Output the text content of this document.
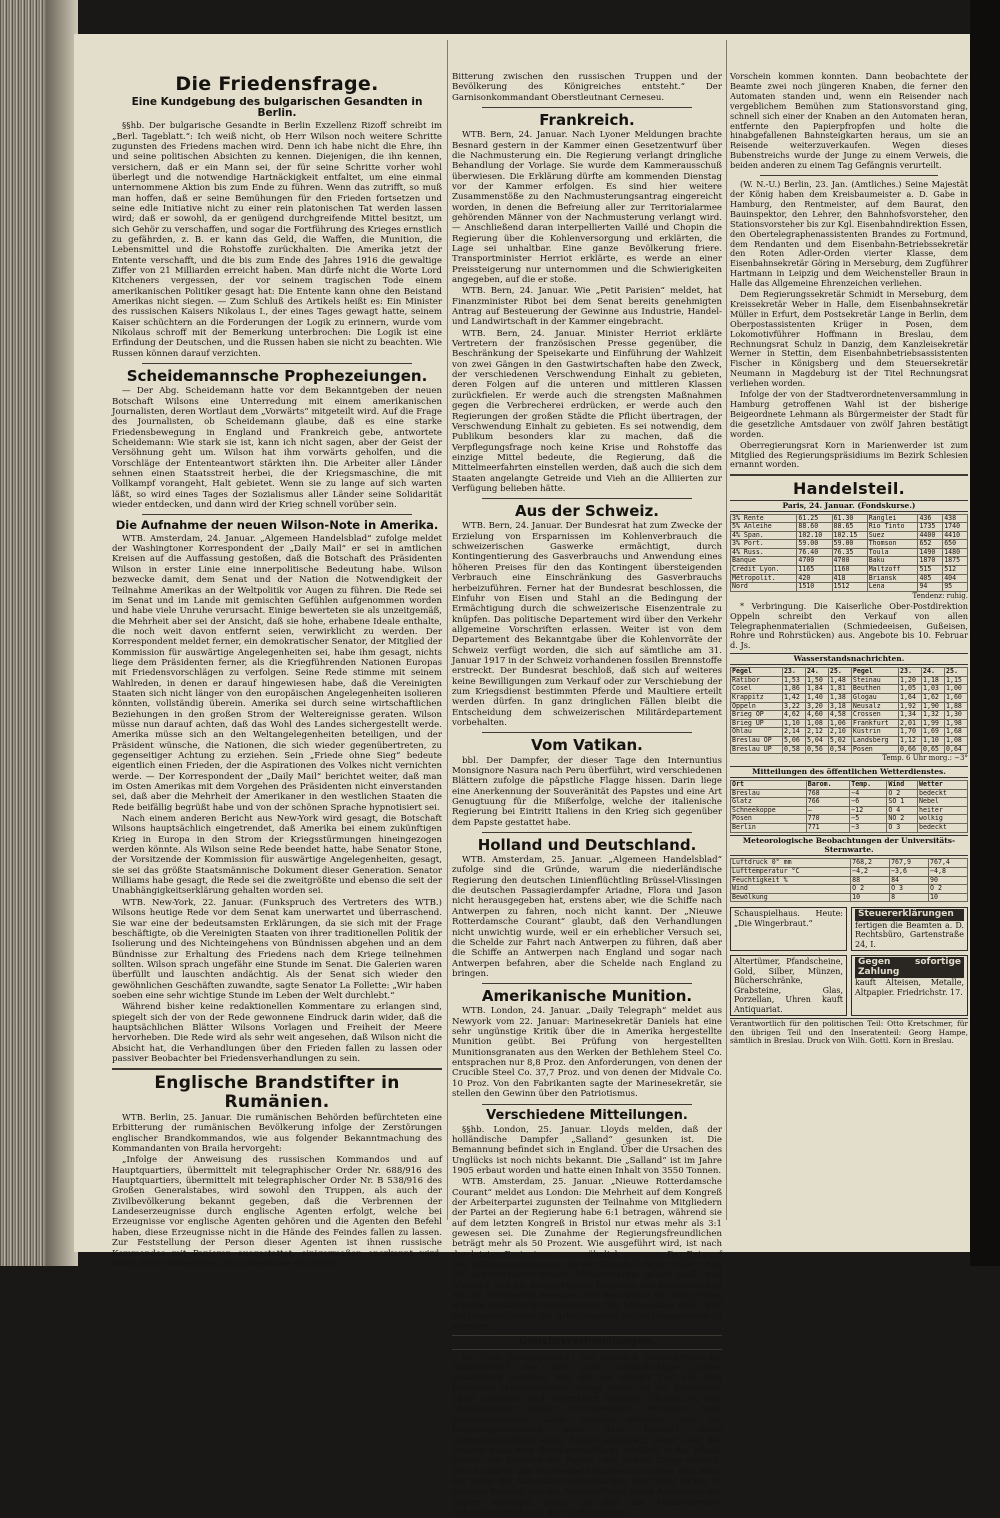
Die Friedensfrage.
Eine Kundgebung des bulgarischen Gesandten in Berlin.

§§hb. Der bulgarische Gesandte in Berlin Exzellenz Rizoff schreibt im „Berl. Tageblatt.“: Ich weiß nicht, ob Herr Wilson noch weitere Schritte zugunsten des Friedens machen wird. Denn ich habe nicht die Ehre, ihn und seine politischen Absichten zu kennen. Diejenigen, die ihn kennen, versichern, daß er ein Mann sei, der für seine Schritte vorher wohl überlegt und die notwendige Hartnäckigkeit entfaltet, um eine einmal unternommene Aktion bis zum Ende zu führen. Wenn das zutrifft, so muß man hoffen, daß er seine Bemühungen für den Frieden fortsetzen und seine edle Initiative nicht zu einer rein platonischen Tat werden lassen wird; daß er sowohl, da er genügend durchgreifende Mittel besitzt, um sich Gehör zu verschaffen, und sogar die Fortführung des Krieges ernstlich zu gefährden, z. B. er kann das Geld, die Waffen, die Munition, die Lebensmittel und die Rohstoffe zurückhalten. Die Amerika jetzt der Entente verschafft, und die bis zum Ende des Jahres 1916 die gewaltige Ziffer von 21 Milliarden erreicht haben. Man dürfe nicht die Worte Lord Kitcheners vergessen, der vor seinem tragischen Tode einem amerikanischen Politiker gesagt hat: Die Entente kann ohne den Beistand Amerikas nicht siegen. — Zum Schluß des Artikels heißt es: Ein Minister des russischen Kaisers Nikolaus I., der eines Tages gewagt hatte, seinem Kaiser schüchtern an die Forderungen der Logik zu erinnern, wurde vom Nikolaus schroff mit der Bemerkung unterbrochen: Die Logik ist eine Erfindung der Deutschen, und die Russen haben sie nicht zu beachten. Wie Russen können darauf verzichten.

Scheidemannsche Prophezeiungen.

— Der Abg. Scheidemann hatte vor dem Bekanntgeben der neuen Botschaft Wilsons eine Unterredung mit einem amerikanischen Journalisten, deren Wortlaut dem „Vorwärts“ mitgeteilt wird. Auf die Frage des Journalisten, ob Scheidemann glaube, daß es eine starke Friedensbewegung in England und Frankreich gebe, antwortete Scheidemann: Wie stark sie ist, kann ich nicht sagen, aber der Geist der Versöhnung geht um. Wilson hat ihm vorwärts geholfen, und die Vorschläge der Ententeantwort stärkten ihn. Die Arbeiter aller Länder sehnen einen Staatsstreit herbei, die der Kriegsmaschine, die mit Vollkampf vorangeht, Halt gebietet. Wenn sie zu lange auf sich warten läßt, so wird eines Tages der Sozialismus aller Länder seine Solidarität wieder entdecken, und dann wird der Krieg schnell vorüber sein.

Die Aufnahme der neuen Wilson-Note in Amerika.

WTB. Amsterdam, 24. Januar. „Algemeen Handelsblad“ zufolge meldet der Washingtoner Korrespondent der „Daily Mail“ er sei in amtlichen Kreisen auf die Auffassung gestoßen, daß die Botschaft des Präsidenten Wilson in erster Linie eine innerpolitische Bedeutung habe. Wilson bezwecke damit, dem Senat und der Nation die Notwendigkeit der Teilnahme Amerikas an der Weltpolitik vor Augen zu führen. Die Rede sei im Senat und im Lande mit gemischten Gefühlen aufgenommen worden und habe viele Unruhe verursacht. Einige bewerteten sie als unzeitgemäß, die Mehrheit aber sei der Ansicht, daß sie hohe, erhabene Ideale enthalte, die noch weit davon entfernt seien, verwirklicht zu werden. Der Korrespondent meldet ferner, ein demokratischer Senator, der Mitglied der Kommission für auswärtige Angelegenheiten sei, habe ihm gesagt, nichts liege dem Präsidenten ferner, als die Kriegführenden Nationen Europas mit Friedensvorschlägen zu verfolgen. Seine Rede stimme mit seinem Wahlreden, in denen er darauf hingewiesen habe, daß die Vereinigten Staaten sich nicht länger von den europäischen Angelegenheiten isolieren könnten, vollständig überein. Amerika sei durch seine wirtschaftlichen Beziehungen in den großen Strom der Weltereignisse geraten. Wilson müsse nun darauf achten, daß das Wohl des Landes sichergestellt werde. Amerika müsse sich an den Weltangelegenheiten beteiligen, und der Präsident wünsche, die Nationen, die sich wieder gegenübertreten, zu gegenseitiger Achtung zu erziehen. Sein „Friede ohne Sieg“ bedeute eigentlich einen Frieden, der die Aspirationen des Volkes nicht vernichten werde. — Der Korrespondent der „Daily Mail“ berichtet weiter, daß man im Osten Amerikas mit dem Vorgehen des Präsidenten nicht einverstanden sei, daß aber die Mehrheit der Amerikaner in den westlichen Staaten die Rede beifällig begrüßt habe und von der schönen Sprache hypnotisiert sei.

Nach einem anderen Bericht aus New-York wird gesagt, die Botschaft Wilsons hauptsächlich eingetrendet, daß Amerika bei einem zukünftigen Krieg in Europa in den Strom der Kriegsstürmungen hineingezogen werden könnte. Als Wilson seine Rede beendet hatte, habe Senator Stone, der Vorsitzende der Kommission für auswärtige Angelegenheiten, gesagt, sie sei das größte Staatsmännische Dokument dieser Generation. Senator Williams habe gesagt, die Rede sei die zweitgrößte und ebenso die seit der Unabhängigkeitserklärung gehalten worden sei.

WTB. New-York, 22. Januar. (Funkspruch des Vertreters des WTB.) Wilsons heutige Rede vor dem Senat kam unerwartet und überraschend. Sie war eine der bedeutsamsten Erklärungen, da sie sich mit der Frage beschäftigte, ob die Vereinigten Staaten von ihrer traditionellen Politik der Isolierung und des Nichteingehens von Bündnissen abgehen und an dem Bündnisse zur Erhaltung des Friedens nach dem Kriege teilnehmen sollten. Wilson sprach ungefähr eine Stunde im Senat. Die Galerien waren überfüllt und lauschten andächtig. Als der Senat sich wieder den gewöhnlichen Geschäften zuwandte, sagte Senator La Follette: „Wir haben soeben eine sehr wichtige Stunde im Leben der Welt durchlebt.“

Während bisher keine redaktionellen Kommentare zu erlangen sind, spiegelt sich der von der Rede gewonnene Eindruck darin wider, daß die hauptsächlichen Blätter Wilsons Vorlagen und Freiheit der Meere hervorheben. Die Rede wird als sehr weit angesehen, daß Wilson nicht die Absicht hat, die Verhandlungen über den Frieden fallen zu lassen oder passiver Beobachter bei Friedensverhandlungen zu sein.

Englische Brandstifter in Rumänien.

WTB. Berlin, 25. Januar. Die rumänischen Behörden befürchteten eine Erbitterung der rumänischen Bevölkerung infolge der Zerstörungen englischer Brandkommandos, wie aus folgender Bekanntmachung des Kommandanten von Braila hervorgeht:

„Infolge der Anweisung des russischen Kommandos und auf Hauptquartiers, übermittelt mit telegraphischer Order Nr. 688/916 des Hauptquartiers, übermittelt mit telegraphischer Order Nr. B 538/916 des Großen Generalstabes, wird sowohl den Truppen, als auch der Zivilbevölkerung bekannt gegeben, daß die Verbrennen der Landeserzeugnisse durch englische Agenten erfolgt, welche bei Erzeugnisse vor englische Agenten gehören und die Agenten den Befehl haben, diese Erzeugnisse nicht in die Hände des Feindes fallen zu lassen. Zur Feststellung der Person dieser Agenten ist ihnen russische Kommandos mit Papieren ausgestattet, einigermaßen anerkannt wird, damit keine unbesetzten Zwischenräume entstehen.“

Bitterung zwischen den russischen Truppen und der Bevölkerung des Königreiches entsteht.“ Der Garnisonkommandant Oberstleutnant Cerneseu.

Frankreich.

WTB. Bern, 24. Januar. Nach Lyoner Meldungen brachte Besnard gestern in der Kammer einen Gesetzentwurf über die Nachmusterung ein. Die Regierung verlangt dringliche Behandlung der Vorlage. Sie wurde dem Kammerausschuß überwiesen. Die Erklärung dürfte am kommenden Dienstag vor der Kammer erfolgen. Es sind hier weitere Zusammenstöße zu den Nachmusterungsantrag eingereicht worden, in denen die Befreiung aller zur Territorialarmee gehörenden Männer von der Nachmusterung verlangt wird. — Anschließend daran interpellierten Vaillé und Chopin die Regierung über die Kohlenversorgung und erklärten, die Lage sei unhaltbar. Eine ganze Bevölkerung friere. Transportminister Herriot erklärte, es werde an einer Preissteigerung nur unternommen und die Schwierigkeiten angegeben, auf die er stoße.

WTB. Bern, 24. Januar. Wie „Petit Parisien“ meldet, hat Finanzminister Ribot bei dem Senat bereits genehmigten Antrag auf Besteuerung der Gewinne aus Industrie, Handel- und Landwirtschaft in der Kammer eingebracht.

WTB. Bern, 24. Januar. Minister Herriot erklärte Vertretern der französischen Presse gegenüber, die Beschränkung der Speisekarte und Einführung der Wahlzeit von zwei Gängen in den Gastwirtschaften habe den Zweck, der verschiedenen Verschwendung Einhalt zu gebieten, deren Folgen auf die unteren und mittleren Klassen zurückfielen. Er werde auch die strengsten Maßnahmen gegen die Verbrecherei erdrücken, er werde auch den Regierungen der großen Städte die Pflicht übertragen, der Verschwendung Einhalt zu gebieten. Es sei notwendig, dem Publikum besonders klar zu machen, daß die Verpflegungsfrage noch keine Krise und Rohstoffe das einzige Mittel bedeute, die Regierung, daß die Mittelmeerfahrten einstellen werden, daß auch die sich dem Staaten angelangte Getreide und Vieh an die Alliierten zur Verfügung belieben hätte.

Aus der Schweiz.

WTB. Bern, 24. Januar. Der Bundesrat hat zum Zwecke der Erzielung von Ersparnissen im Kohlenverbrauch die schweizerischen Gaswerke ermächtigt, durch Kontingentierung des Gasverbrauchs und Anwendung eines höheren Preises für den das Kontingent übersteigenden Verbrauch eine Einschränkung des Gasverbrauchs herbeizuführen. Ferner hat der Bundesrat beschlossen, die Einfuhr von Eisen und Stahl an die Bedingung der Ermächtigung durch die schweizerische Eisenzentrale zu knüpfen. Das politische Departement wird über den Verkehr allgemeine Vorschriften erlassen. Weiter ist von dem Departement des Bekanntgabe über die Kohlenvorräte der Schweiz verfügt worden, die sich auf sämtliche am 31. Januar 1917 in der Schweiz vorhandenen fossilen Brennstoffe erstreckt. Der Bundesrat beschloß, daß sich auf weiteres keine Bewilligungen zum Verkauf oder zur Verschiebung der zum Kriegsdienst bestimmten Pferde und Maultiere erteilt werden dürfen. In ganz dringlichen Fällen bleibt die Entscheidung dem schweizerischen Militärdepartement vorbehalten.

Vom Vatikan.

bbl. Der Dampfer, der dieser Tage den Internuntius Monsignore Nasura nach Peru überführt, wird verschiedenen Blättern zufolge die päpstliche Flagge hissen. Darin liege eine Anerkennung der Souveränität des Papstes und eine Art Genugtuung für die Mißerfolge, welche der italienische Regierung bei Eintritt Italiens in den Krieg sich gegenüber dem Papste gestattet habe.

Holland und Deutschland.

WTB. Amsterdam, 25. Januar. „Algemeen Handelsblad“ zufolge sind die Gründe, warum die niederländische Regierung den deutschen Linienflüchtling Brüssel-Vlissingen die deutschen Passagierdampfer Ariadne, Flora und Jason nicht herausgegeben hat, erstens aber, wie die Schiffe nach Antwerpen zu fahren, noch nicht kannt. Der „Nieuwe Rotterdamsche Courant“ glaubt, daß den Verhandlungen nicht unwichtig wurde, weil er ein erheblicher Versuch sei, die Schelde zur Fahrt nach Antwerpen zu führen, daß aber die Schiffe an Antwerpen nach England und sogar nach Antwerpen befahren, aber die Schelde nach England zu bringen.

Amerikanische Munition.

WTB. London, 24. Januar. „Daily Telegraph“ meldet aus Newyork vom 22. Januar: Marinesekretär Daniels hat eine sehr ungünstige Kritik über die in Amerika hergestellte Munition geübt. Bei Prüfung von hergestellten Munitionsgranaten aus den Werken der Bethlehem Steel Co. entsprachen nur 8,8 Proz. den Anforderungen, von denen der Crucible Steel Co. 37,7 Proz. und von denen der Midvale Co. 10 Proz. Von den Fabrikanten sagte der Marinesekretär, sie stellen den Gewinn über den Patriotismus.

Verschiedene Mitteilungen.

§§hb. London, 25. Januar. Lloyds melden, daß der holländische Dampfer „Salland“ gesunken ist. Die Bemannung befindet sich in England. Über die Ursachen des Unglücks ist noch nichts bekannt. Die „Salland“ ist im Jahre 1905 erbaut worden und hatte einen Inhalt von 3550 Tonnen.

WTB. Amsterdam, 25. Januar. „Nieuwe Rotterdamsche Courant“ meldet aus London: Die Mehrheit auf dem Kongreß der Arbeiterpartei zugunsten der Teilnahme von Mitgliedern der Partei an der Regierung habe 6:1 betragen, während sie auf dem letzten Kongreß in Bristol nur etwas mehr als 3:1 gewesen sei. Die Zunahme der Regierungsfreundlichen beträgt mehr als 50 Prozent. Wie ausgeführt wird, ist nach den letzten Ereignissen ungewöhnlich gewesen. Der Entwurf des Vollzugsausschusses, ob der Kongreß dafür erklärt, daß die Arbeiterpartei keinen Wirkungskreis geben muß, und wünscht, daß die Arbeiterklasse Englands den sozialistischen Sitz im Parlamente besetzen. Die Beschlüsse des Kongresses wurden einstimmig angenommen. Sie bezweckten auch, daß die Organisationen der Arbeiterpartei als die Organisation zu vereinen.

Gerichtsverhandlungen.

et. [Vom Jugendgericht.] Ein reichlich zuzuschreibender Bubenstreich den drei noch schulpflichtige Jungen gewöhnlich arbeiten, und die vor einiger Zeit auf dem Breslauer Hauptbahnhofe erregt hatte, ist im September 1916 entdeckt und aufgeklärt worden. Täglich in den Abendstunden etwas verschiedenen Personen beim Stationsvorsteher Klage darüber erhoben, daß die Bahnsteigautomaten nach dem Einwurf eines Zehnpfennigstücks keine Karten ausgaben. Wenn aber der Beamte dann dem Beschwerdeführer wirklich in die Hände gerate, der Automat nur Papier oder andere Dinge enthielt. Erst nachdem das Taschengeld eingesetzt worden war, hatte der Junge die Automaten aufgebrochen. Der Täter ist ein 15 jähriger Schüler, der die Ausfallöffnung eines Automaten mit Papier verstopft hatte, so daß die hinabfallenden Bahnsteigkarten sich dort verklemmten.

Vorschein kommen konnten. Dann beobachtete der Beamte zwei noch jüngeren Knaben, die ferner den Automaten standen und, wenn ein Reisender nach vergeblichem Bemühen zum Stationsvorstand ging, schnell sich einer der Knaben an den Automaten heran, entfernte den Papierpfropfen und holte die hinabgefallenen Bahnsteigkarten heraus, um sie an Reisende weiterzuverkaufen. Wegen dieses Bubenstreichs wurde der Junge zu einem Verweis, die beiden anderen zu einem Tag Gefängnis verurteilt.

(W. N.-U.) Berlin, 23. Jan. (Amtliches.) Seine Majestät der König haben dem Kreisbaumeister a. D. Gabe in Hamburg, den Rentmeister, auf dem Baurat, den Bauinspektor, den Lehrer, den Bahnhofsvorsteher, den Stationsvorsteher bis zur Kgl. Eisenbahndirektion Essen, den Obertelegraphenassistenten Brandes zu Fortmund, dem Rendanten und dem Eisenbahn-Betriebssekretär den Roten Adler-Orden vierter Klasse, dem Eisenbahnsekretär Göring in Merseburg, dem Zugführer Hartmann in Leipzig und dem Weichensteller Braun in Halle das Allgemeine Ehrenzeichen verliehen.

Dem Regierungssekretär Schmidt in Merseburg, dem Kreissekretär Weber in Halle, dem Eisenbahnsekretär Müller in Erfurt, dem Postsekretär Lange in Berlin, dem Oberpostassistenten Krüger in Posen, dem Lokomotivführer Hoffmann in Breslau, dem Rechnungsrat Schulz in Danzig, dem Kanzleisekretär Werner in Stettin, dem Eisenbahnbetriebsassistenten Fischer in Königsberg und dem Steuersekretär Neumann in Magdeburg ist der Titel Rechnungsrat verliehen worden.

Infolge der von der Stadtverordnetenversammlung in Hamburg getroffenen Wahl ist der bisherige Beigeordnete Lehmann als Bürgermeister der Stadt für die gesetzliche Amtsdauer von zwölf Jahren bestätigt worden.

Oberregierungsrat Korn in Marienwerder ist zum Mitglied des Regierungspräsidiums im Bezirk Schlesien ernannt worden.

Handelsteil.
Paris, 24. Januar. (Fondskurse.)
3% Rente	61.25	61.30	Ranglei	436	438
5% Anleihe	88.60	88.65	Rio Tinto	1735	1740
4% Span.	102.10	102.15	Suez	4400	4410
3% Port.	59.00	59.00	Thomson	652	650
4% Russ.	76.40	76.35	Toula	1490	1480
Banque	4700	4700	Baku	1870	1875
Crédit Lyon.	1165	1160	Maltzoff	515	512
Métropolit.	420	418	Briansk	405	404
Nord	1510	1512	Lena	94	95
Tendenz: ruhig.

* Verbringung. Die Kaiserliche Ober-Postdirektion Oppeln schreibt den Verkauf von allen Telegraphenmaterialien (Schmiedeeisen, Gußeisen, Rohre und Rohrstücken) aus. Angebote bis 10. Februar d. Js.

Wasserstandsnachrichten.
Pegel	23.	24.	25.	Pegel	23.	24.	25.
Ratibor	1,53	1,50	1,48	Steinau	1,20	1,18	1,15
Cosel	1,86	1,84	1,81	Beuthen	1,05	1,03	1,00
Krappitz	1,42	1,40	1,38	Glogau	1,64	1,62	1,60
Oppeln	3,22	3,20	3,18	Neusalz	1,92	1,90	1,88
Brieg OP	4,62	4,60	4,58	Crossen	1,34	1,32	1,30
Brieg UP	1,10	1,08	1,06	Frankfurt	2,01	1,99	1,98
Ohlau	2,14	2,12	2,10	Küstrin	1,70	1,69	1,68
Breslau OP	5,06	5,04	5,02	Landsberg	1,12	1,10	1,08
Breslau UP	0,58	0,56	0,54	Posen	0,66	0,65	0,64
Temp. 6 Uhr morg.: −3°
Mitteilungen des öffentlichen Wetterdienstes.
Ort	Barom.	Temp.	Wind	Wetter
Breslau	768	−4	O 2	bedeckt
Glatz	766	−6	SO 1	Nebel
Schneekoppe	—	−12	O 4	heiter
Posen	770	−5	NO 2	wolkig
Berlin	771	−3	O 3	bedeckt
Meteorologische Beobachtungen der Universitäts-Sternwarte.
Luftdruck 0° mm	768,2	767,9	767,4
Lufttemperatur °C	−4,2	−3,6	−4,8
Feuchtigkeit %	88	84	90
Wind	O 2	O 3	O 2
Bewölkung	10	8	10
Schauspielhaus. Heute: „Die Wingerbraut.“
Steuererklärungen
fertigen die Beamten a. D. Rechtsbüro, Gartenstraße 24, I.
Altertümer, Pfandscheine, Gold, Silber, Münzen, Bücherschränke, Grabsteine, Glas, Porzellan, Uhren kauft Antiquariat.
Gegen sofortige Zahlung
kauft Alteisen, Metalle, Altpapier. Friedrichstr. 17.

Verantwortlich für den politischen Teil: Otto Kretschmer, für den übrigen Teil und den Inseratenteil: Georg Hampe, sämtlich in Breslau. Druck von Wilh. Gottl. Korn in Breslau.
